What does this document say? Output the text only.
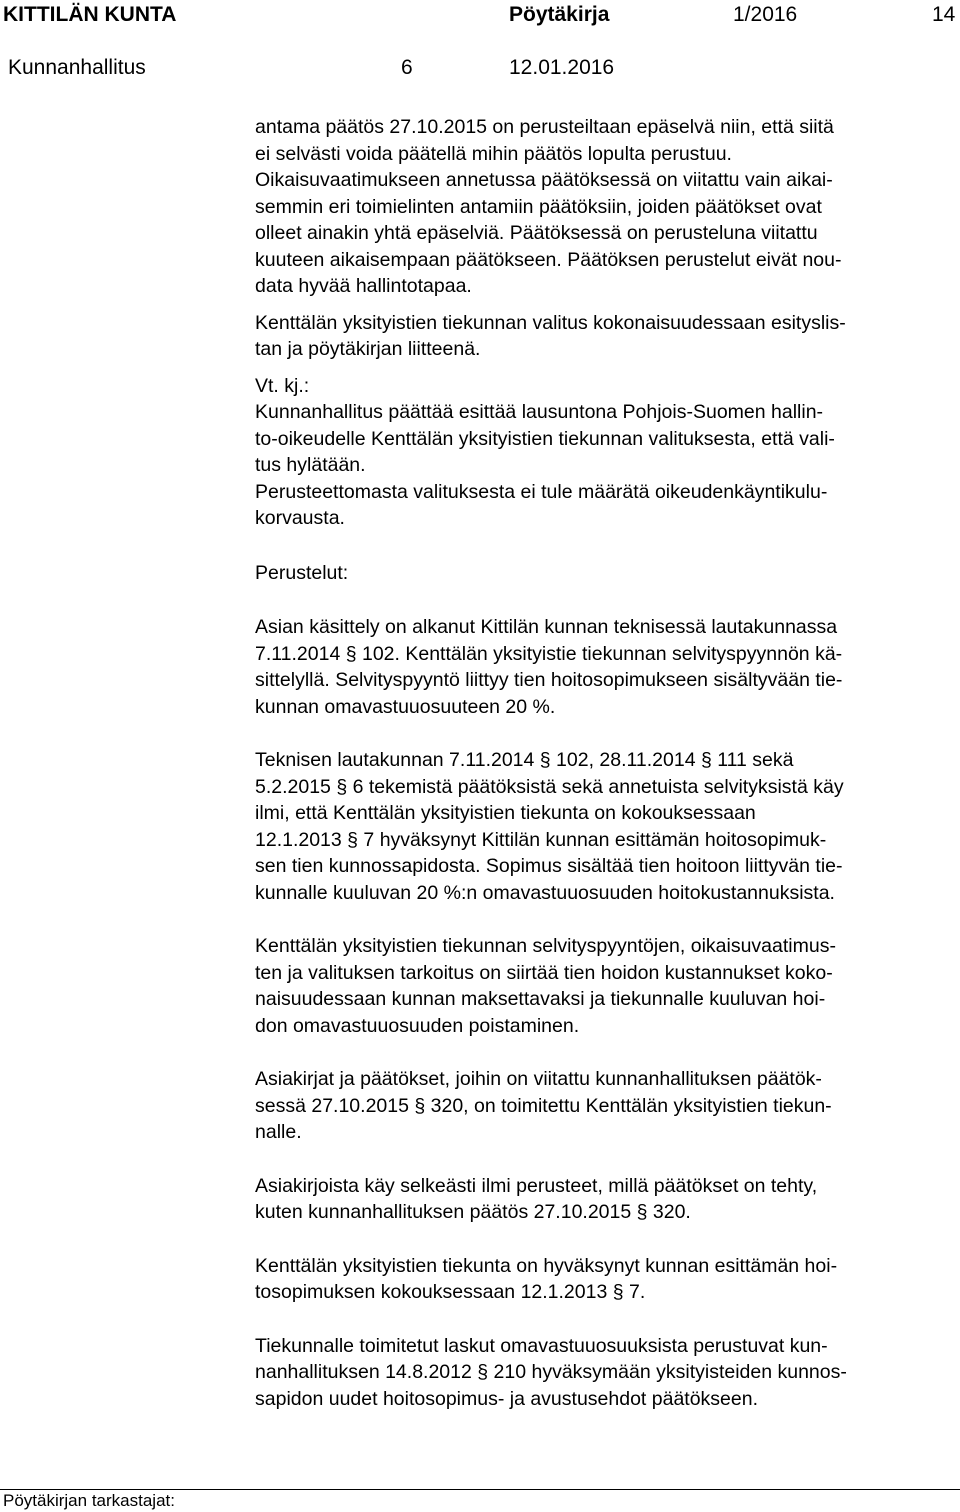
KITTILÄN KUNTA	Pöytäkirja	1/2016	14
Kunnanhallitus	6	12.01.2016
antama päätös 27.10.2015 on perusteiltaan epäselvä niin, että siitä
ei selvästi voida päätellä mihin päätös lopulta perustuu.
Oikaisuvaatimukseen annetussa päätöksessä on viitattu vain aikai-
semmin eri toimielinten antamiin päätöksiin, joiden päätökset ovat
olleet ainakin yhtä epäselviä. Päätöksessä on perusteluna viitattu
kuuteen aikaisempaan päätökseen. Päätöksen perustelut eivät nou-
data hyvää hallintotapaa.
Kenttälän yksityistien tiekunnan valitus kokonaisuudessaan esityslis-
tan ja pöytäkirjan liitteenä.
Vt. kj.:
Kunnanhallitus päättää esittää lausuntona Pohjois-Suomen hallin-
to-oikeudelle Kenttälän yksityistien tiekunnan valituksesta, että vali-
tus hylätään.
Perusteettomasta valituksesta ei tule määrätä oikeudenkäyntikulu-
korvausta.
Perustelut:
Asian käsittely on alkanut Kittilän kunnan teknisessä lautakunnassa
7.11.2014 § 102. Kenttälän yksityistie tiekunnan selvityspyynnön kä-
sittelyllä. Selvityspyyntö liittyy tien hoitosopimukseen sisältyvään tie-
kunnan omavastuuosuuteen 20 %.
Teknisen lautakunnan 7.11.2014 § 102, 28.11.2014 § 111 sekä
5.2.2015 § 6 tekemistä päätöksistä sekä annetuista selvityksistä käy
ilmi, että Kenttälän yksityistien tiekunta on kokouksessaan
12.1.2013 § 7 hyväksynyt Kittilän kunnan esittämän hoitosopimuk-
sen tien kunnossapidosta. Sopimus sisältää tien hoitoon liittyvän tie-
kunnalle kuuluvan 20 %:n omavastuuosuuden hoitokustannuksista.
Kenttälän yksityistien tiekunnan selvityspyyntöjen, oikaisuvaatimus-
ten ja valituksen tarkoitus on siirtää tien hoidon kustannukset koko-
naisuudessaan kunnan maksettavaksi ja tiekunnalle kuuluvan hoi-
don omavastuuosuuden poistaminen.
Asiakirjat ja päätökset, joihin on viitattu kunnanhallituksen päätök-
sessä 27.10.2015 § 320, on toimitettu Kenttälän yksityistien tiekun-
nalle.
Asiakirjoista käy selkeästi ilmi perusteet, millä päätökset on tehty,
kuten kunnanhallituksen päätös 27.10.2015 § 320.
Kenttälän yksityistien tiekunta on hyväksynyt kunnan esittämän hoi-
tosopimuksen kokouksessaan 12.1.2013 § 7.
Tiekunnalle toimitetut laskut omavastuuosuuksista perustuvat kun-
nanhallituksen 14.8.2012 § 210 hyväksymään yksityisteiden kunnos-
sapidon uudet hoitosopimus- ja avustusehdot päätökseen.
Pöytäkirjan tarkastajat:
